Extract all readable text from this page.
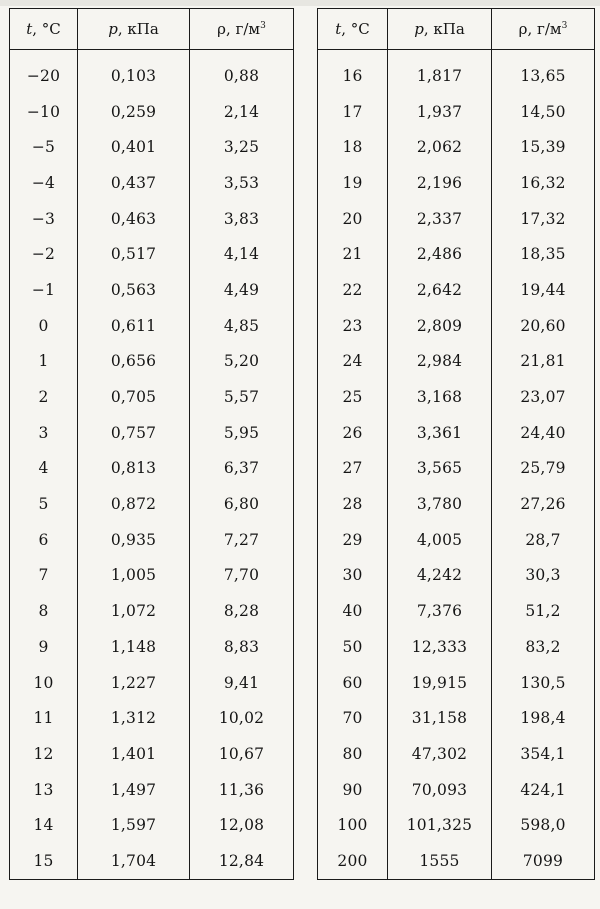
t, °C	p, кПа	ρ, $г/м^3$
−20	0,103	0,88
−10	0,259	2,14
−5	0,401	3,25
−4	0,437	3,53
−3	0,463	3,83
−2	0,517	4,14
−1	0,563	4,49
0	0,611	4,85
1	0,656	5,20
2	0,705	5,57
3	0,757	5,95
4	0,813	6,37
5	0,872	6,80
6	0,935	7,27
7	1,005	7,70
8	1,072	8,28
9	1,148	8,83
10	1,227	9,41
11	1,312	10,02
12	1,401	10,67
13	1,497	11,36
14	1,597	12,08
15	1,704	12,84
t, °C	p, кПа	ρ, $г/м^3$
16	1,817	13,65
17	1,937	14,50
18	2,062	15,39
19	2,196	16,32
20	2,337	17,32
21	2,486	18,35
22	2,642	19,44
23	2,809	20,60
24	2,984	21,81
25	3,168	23,07
26	3,361	24,40
27	3,565	25,79
28	3,780	27,26
29	4,005	28,7
30	4,242	30,3
40	7,376	51,2
50	12,333	83,2
60	19,915	130,5
70	31,158	198,4
80	47,302	354,1
90	70,093	424,1
100	101,325	598,0
200	1555	7099
